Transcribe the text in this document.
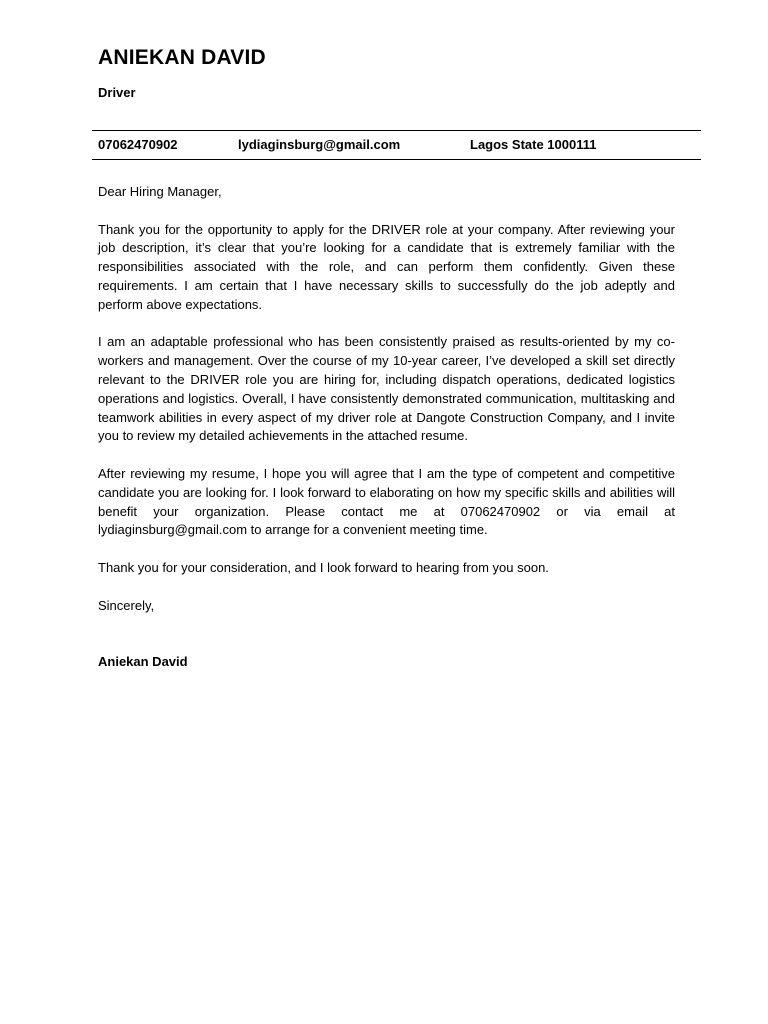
ANIEKAN DAVID
Driver
07062470902	lydiaginsburg@gmail.com	Lagos State 1000111

Dear Hiring Manager,

Thank you for the opportunity to apply for the DRIVER role at your company. After reviewing your job description, it’s clear that you’re looking for a candidate that is extremely familiar with the responsibilities associated with the role, and can perform them confidently. Given these requirements. I am certain that I have necessary skills to successfully do the job adeptly and perform above expectations.

I am an adaptable professional who has been consistently praised as results-oriented by my co-workers and management. Over the course of my 10-year career, I’ve developed a skill set directly relevant to the DRIVER role you are hiring for, including dispatch operations, dedicated logistics operations and logistics. Overall, I have consistently demonstrated communication, multitasking and teamwork abilities in every aspect of my driver role at Dangote Construction Company, and I invite you to review my detailed achievements in the attached resume.

After reviewing my resume, I hope you will agree that I am the type of competent and competitive candidate you are looking for. I look forward to elaborating on how my specific skills and abilities will benefit your organization. Please contact me at 07062470902 or via email at lydiaginsburg@gmail.com to arrange for a convenient meeting time.

Thank you for your consideration, and I look forward to hearing from you soon.

Sincerely,

Aniekan David
